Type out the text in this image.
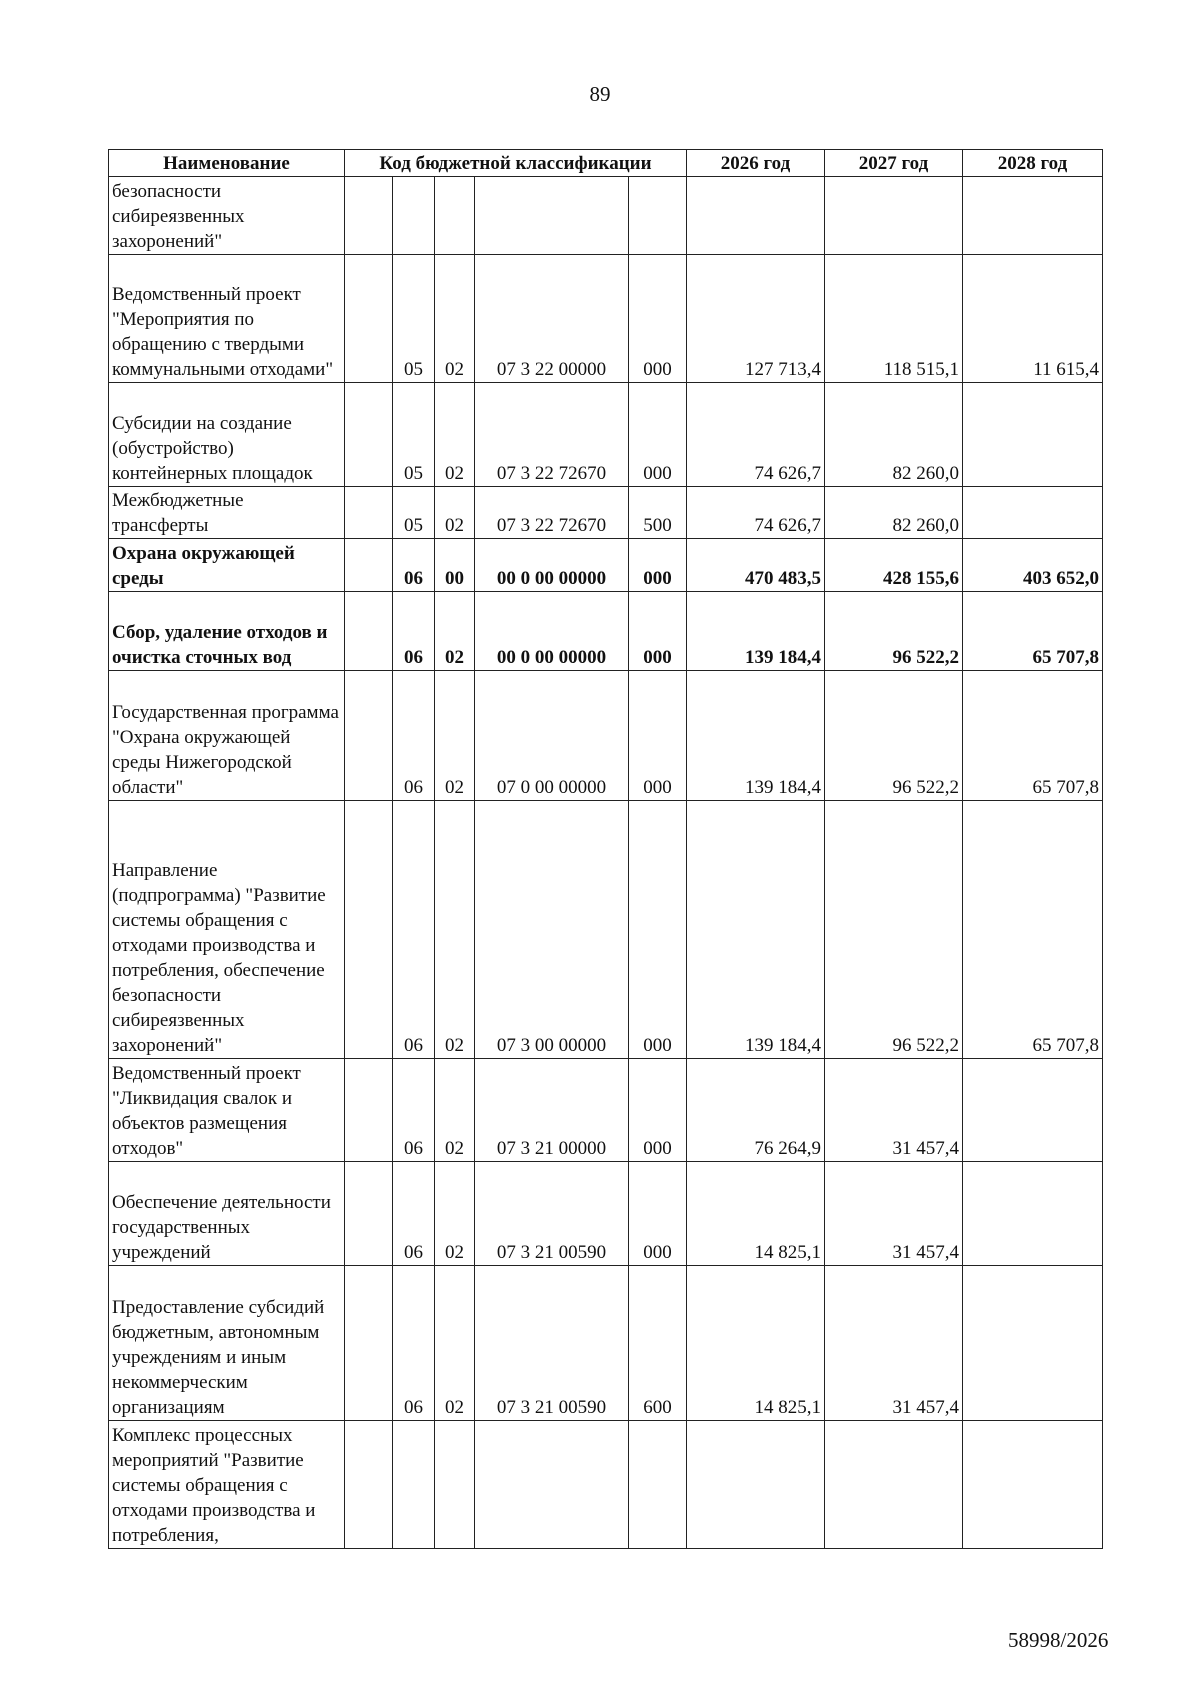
89
Наименование	Код бюджетной классификации					2026 год	2027 год	2028 год
безопасности сибиреязвенных захоронений"								
Ведомственный проект "Мероприятия по обращению с твердыми коммунальными отходами"		05	02	07 3 22 00000	000	127 713,4	118 515,1	11 615,4
Субсидии на создание (обустройство) контейнерных площадок		05	02	07 3 22 72670	000	74 626,7	82 260,0	
Межбюджетные трансферты		05	02	07 3 22 72670	500	74 626,7	82 260,0	
Охрана окружающей среды		06	00	00 0 00 00000	000	470 483,5	428 155,6	403 652,0
Сбор, удаление отходов и очистка сточных вод		06	02	00 0 00 00000	000	139 184,4	96 522,2	65 707,8
Государственная программа "Охрана окружающей среды Нижегородской области"		06	02	07 0 00 00000	000	139 184,4	96 522,2	65 707,8
Направление (подпрограмма) "Развитие системы обращения с отходами производства и потребления, обеспечение безопасности сибиреязвенных захоронений"		06	02	07 3 00 00000	000	139 184,4	96 522,2	65 707,8
Ведомственный проект "Ликвидация свалок и объектов размещения отходов"		06	02	07 3 21 00000	000	76 264,9	31 457,4	
Обеспечение деятельности государственных учреждений		06	02	07 3 21 00590	000	14 825,1	31 457,4	
Предоставление субсидий бюджетным, автономным учреждениям и иным некоммерческим организациям		06	02	07 3 21 00590	600	14 825,1	31 457,4	
Комплекс процессных мероприятий "Развитие системы обращения с отходами производства и потребления,								
58998/2026
